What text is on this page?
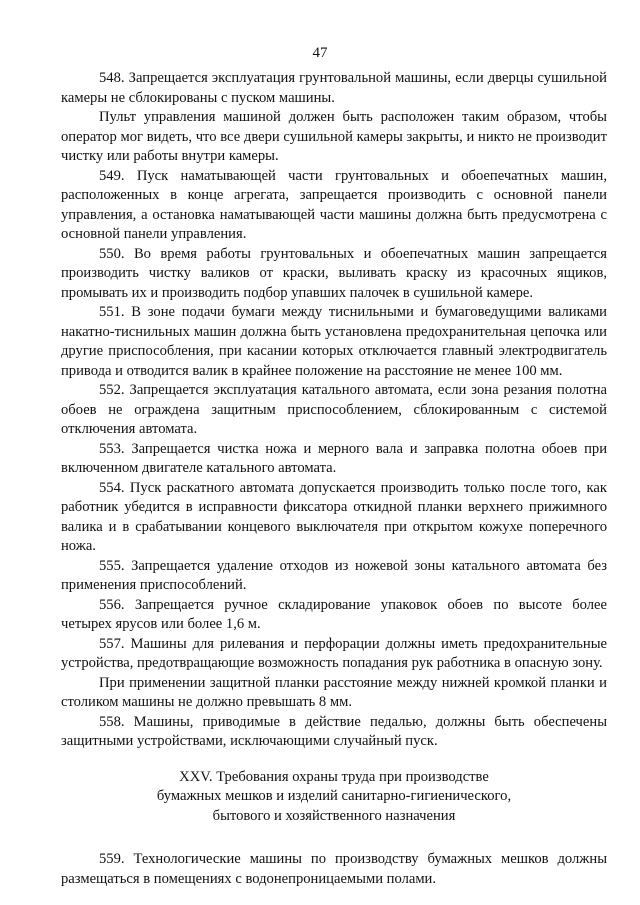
47

548. Запрещается эксплуатация грунтовальной машины, если дверцы сушильной камеры не сблокированы с пуском машины.

Пульт управления машиной должен быть расположен таким образом, чтобы оператор мог видеть, что все двери сушильной камеры закрыты, и никто не производит чистку или работы внутри камеры.

549. Пуск наматывающей части грунтовальных и обоепечатных машин, расположенных в конце агрегата, запрещается производить с основной панели управления, а остановка наматывающей части машины должна быть предусмотрена с основной панели управления.

550. Во время работы грунтовальных и обоепечатных машин запрещается производить чистку валиков от краски, выливать краску из красочных ящиков, промывать их и производить подбор упавших палочек в сушильной камере.

551. В зоне подачи бумаги между тиснильными и бумаговедущими валиками накатно-тиснильных машин должна быть установлена предохранительная цепочка или другие приспособления, при касании которых отключается главный электродвигатель привода и отводится валик в крайнее положение на расстояние не менее 100 мм.

552. Запрещается эксплуатация катального автомата, если зона резания полотна обоев не ограждена защитным приспособлением, сблокированным с системой отключения автомата.

553. Запрещается чистка ножа и мерного вала и заправка полотна обоев при включенном двигателе катального автомата.

554. Пуск раскатного автомата допускается производить только после того, как работник убедится в исправности фиксатора откидной планки верхнего прижимного валика и в срабатывании концевого выключателя при открытом кожухе поперечного ножа.

555. Запрещается удаление отходов из ножевой зоны катального автомата без применения приспособлений.

556. Запрещается ручное складирование упаковок обоев по высоте более четырех ярусов или более 1,6 м.

557. Машины для рилевания и перфорации должны иметь предохранительные устройства, предотвращающие возможность попадания рук работника в опасную зону.

При применении защитной планки расстояние между нижней кромкой планки и столиком машины не должно превышать 8 мм.

558. Машины, приводимые в действие педалью, должны быть обеспечены защитными устройствами, исключающими случайный пуск.

XXV. Требования охраны труда при производстве
бумажных мешков и изделий санитарно-гигиенического,
бытового и хозяйственного назначения

559. Технологические машины по производству бумажных мешков должны размещаться в помещениях с водонепроницаемыми полами.
